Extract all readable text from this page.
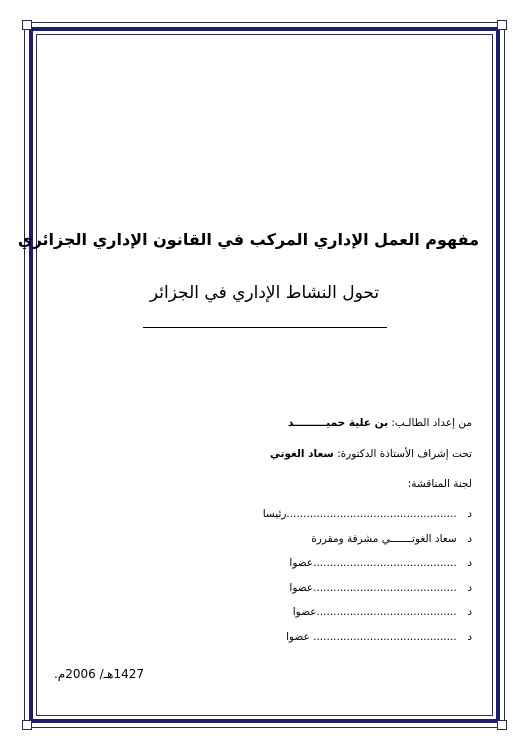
مفهوم العمل الإداري المركب في القانون الإداري الجزائري
تحول النشاط الإداري في الجزائر
من إعداد الطالـب: بن علية حميـــــــــد
تحت إشراف الأستاذة الدكتورة: سعاد الغوتي
لجنة المناقشة:
د ...................................................رئيسا
د سعاد الغوتـــــــي مشرفة ومقررة
د ...........................................عضوا
د ...........................................عضوا
د ..........................................عضوا
د ........................................... عضوا
1427هـ/ 2006م.
